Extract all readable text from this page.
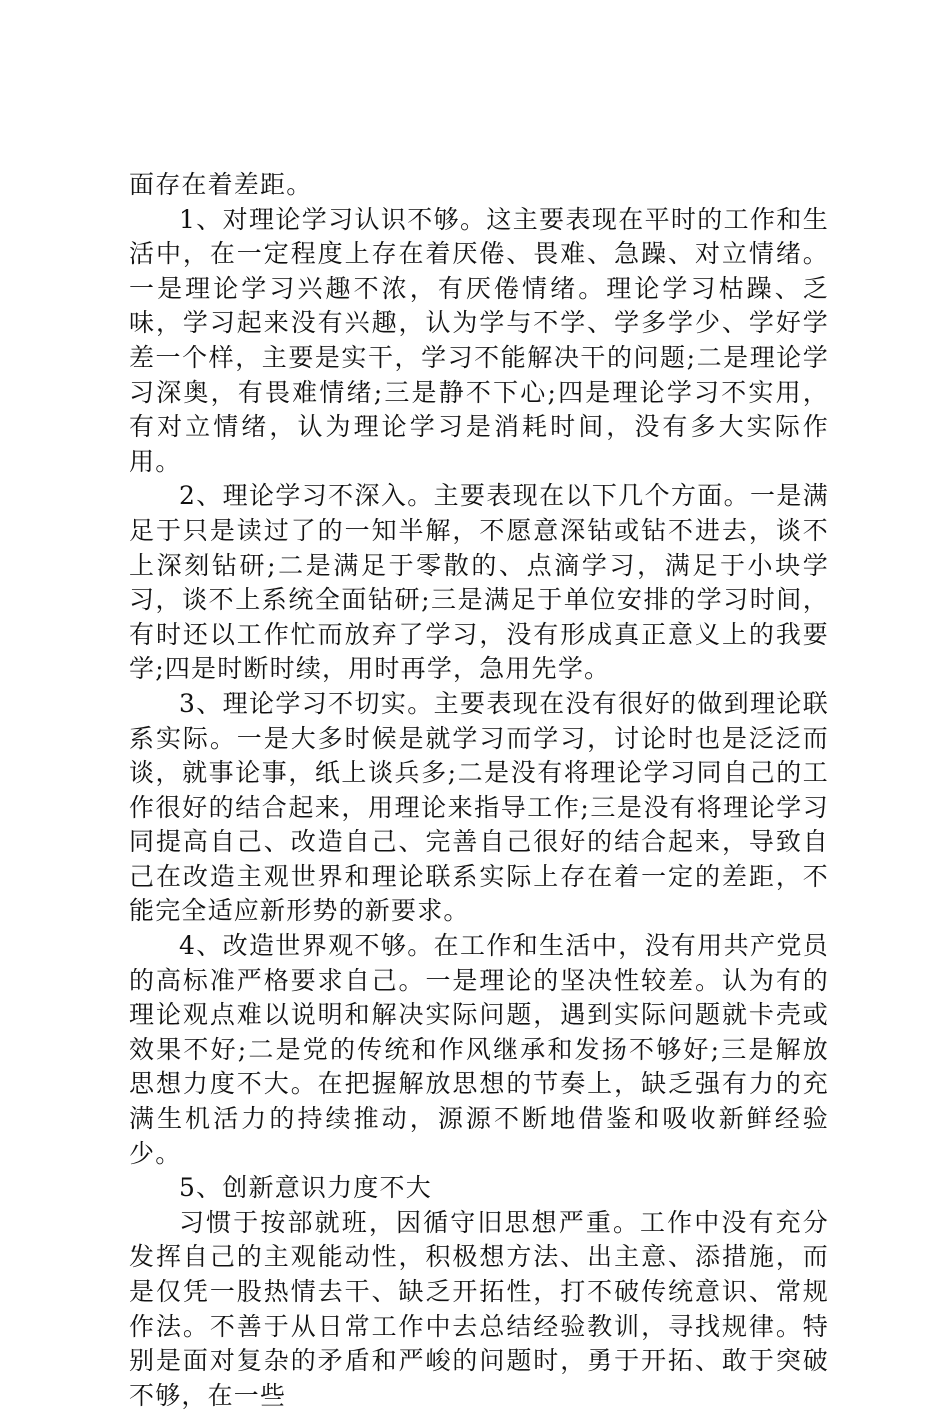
面存在着差距。

1、对理论学习认识不够。这主要表现在平时的工作和生活中，在一定程度上存在着厌倦、畏难、急躁、对立情绪。一是理论学习兴趣不浓，有厌倦情绪。理论学习枯躁、乏味，学习起来没有兴趣，认为学与不学、学多学少、学好学差一个样，主要是实干，学习不能解决干的问题;二是理论学习深奥，有畏难情绪;三是静不下心;四是理论学习不实用，有对立情绪，认为理论学习是消耗时间，没有多大实际作用。

2、理论学习不深入。主要表现在以下几个方面。一是满足于只是读过了的一知半解，不愿意深钻或钻不进去，谈不上深刻钻研;二是满足于零散的、点滴学习，满足于小块学习，谈不上系统全面钻研;三是满足于单位安排的学习时间，有时还以工作忙而放弃了学习，没有形成真正意义上的我要学;四是时断时续，用时再学，急用先学。

3、理论学习不切实。主要表现在没有很好的做到理论联系实际。一是大多时候是就学习而学习，讨论时也是泛泛而谈，就事论事，纸上谈兵多;二是没有将理论学习同自己的工作很好的结合起来，用理论来指导工作;三是没有将理论学习同提高自己、改造自己、完善自己很好的结合起来，导致自己在改造主观世界和理论联系实际上存在着一定的差距，不能完全适应新形势的新要求。

4、改造世界观不够。在工作和生活中，没有用共产党员的高标准严格要求自己。一是理论的坚决性较差。认为有的理论观点难以说明和解决实际问题，遇到实际问题就卡壳或效果不好;二是党的传统和作风继承和发扬不够好;三是解放思想力度不大。在把握解放思想的节奏上，缺乏强有力的充满生机活力的持续推动，源源不断地借鉴和吸收新鲜经验少。

5、创新意识力度不大

习惯于按部就班，因循守旧思想严重。工作中没有充分发挥自己的主观能动性，积极想方法、出主意、添措施，而是仅凭一股热情去干、缺乏开拓性，打不破传统意识、常规作法。不善于从日常工作中去总结经验教训，寻找规律。特别是面对复杂的矛盾和严峻的问题时，勇于开拓、敢于突破不够，在一些
